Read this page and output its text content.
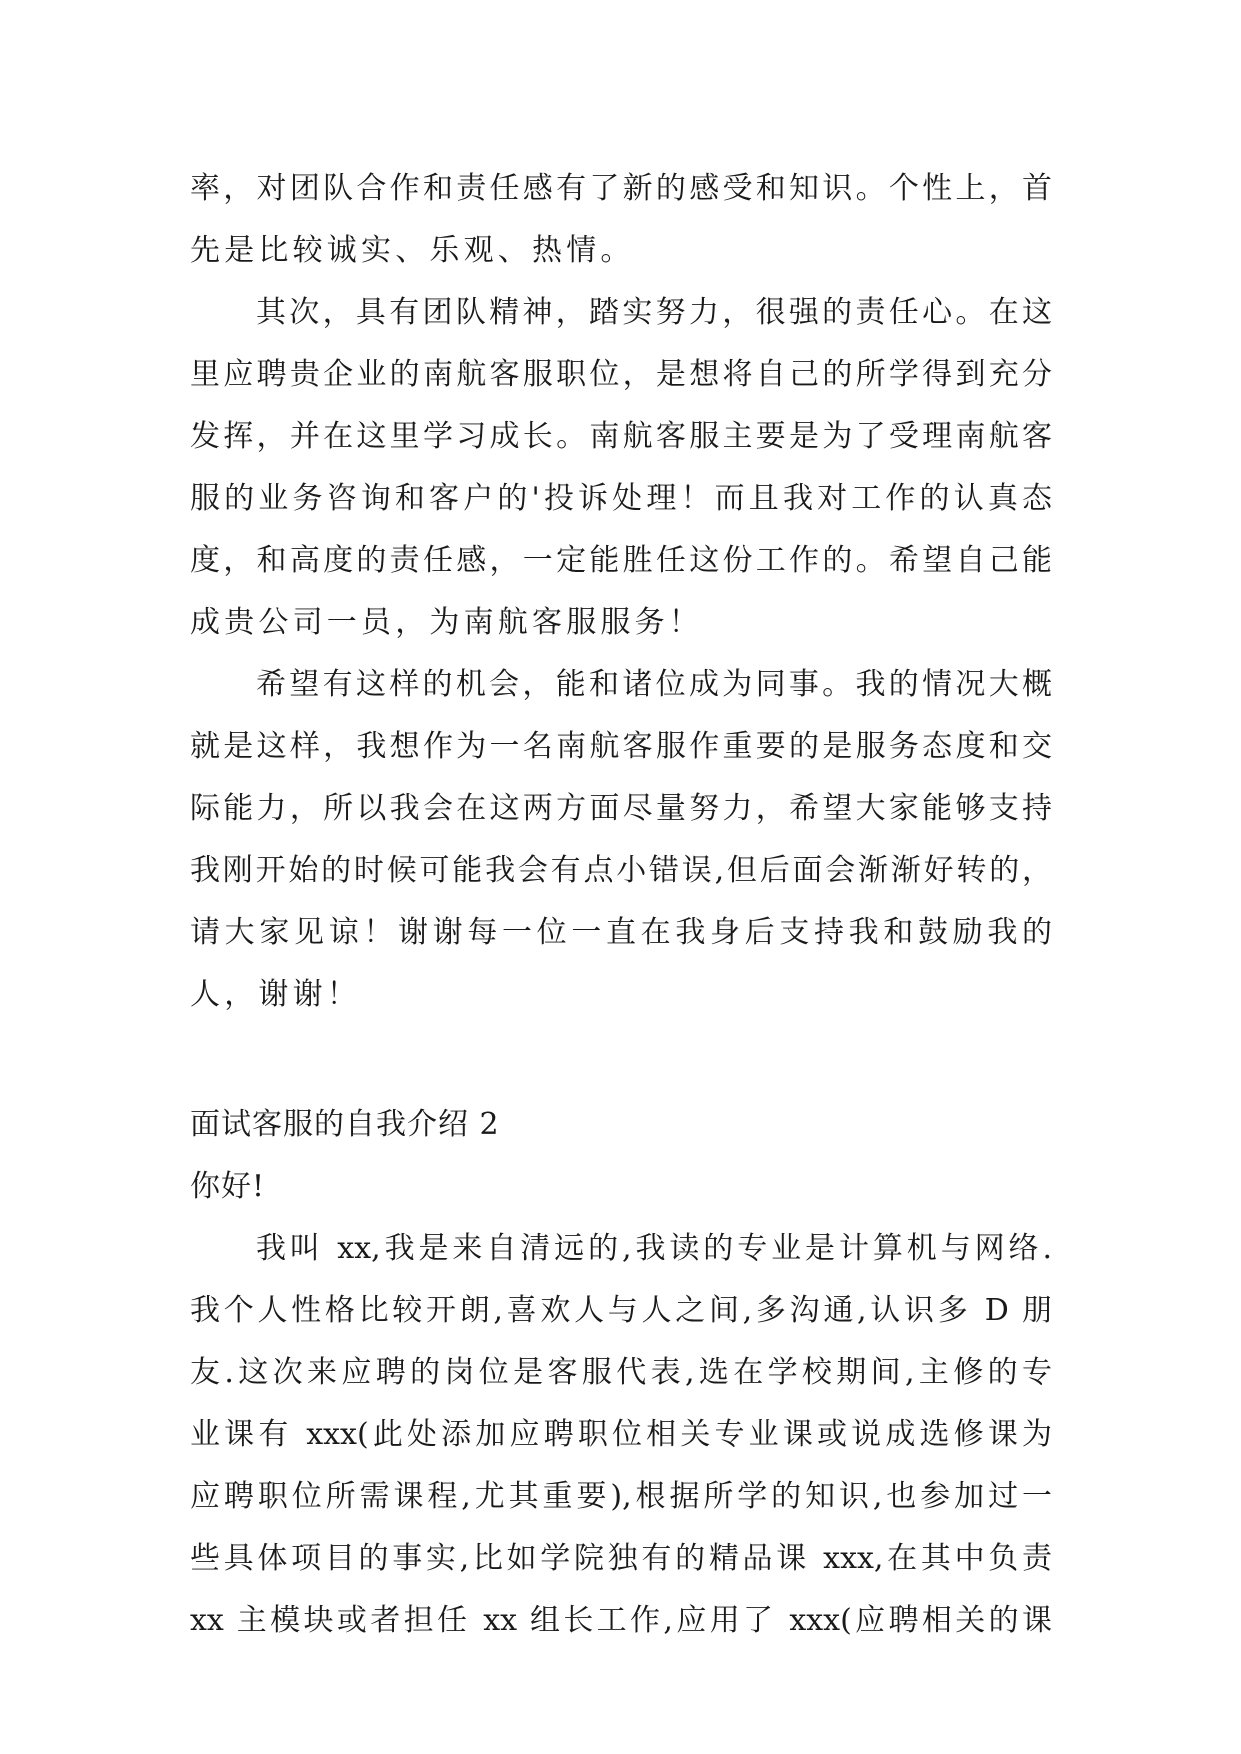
率，对团队合作和责任感有了新的感受和知识。个性上，首
先是比较诚实、乐观、热情。
其次，具有团队精神，踏实努力，很强的责任心。在这
里应聘贵企业的南航客服职位，是想将自己的所学得到充分
发挥，并在这里学习成长。南航客服主要是为了受理南航客
服的业务咨询和客户的'投诉处理！而且我对工作的认真态
度，和高度的责任感，一定能胜任这份工作的。希望自己能
成贵公司一员，为南航客服服务！
希望有这样的机会，能和诸位成为同事。我的情况大概
就是这样，我想作为一名南航客服作重要的是服务态度和交
际能力，所以我会在这两方面尽量努力，希望大家能够支持
我刚开始的时候可能我会有点小错误,但后面会渐渐好转的，
请大家见谅！谢谢每一位一直在我身后支持我和鼓励我的
人，谢谢！
面试客服的自我介绍 2
你好!
我叫 xx,我是来自清远的,我读的专业是计算机与网络.
我个人性格比较开朗,喜欢人与人之间,多沟通,认识多 D 朋
友.这次来应聘的岗位是客服代表,选在学校期间,主修的专
业课有 xxx(此处添加应聘职位相关专业课或说成选修课为
应聘职位所需课程,尤其重要),根据所学的知识,也参加过一
些具体项目的事实,比如学院独有的精品课 xxx,在其中负责
xx 主模块或者担任 xx 组长工作,应用了 xxx(应聘相关的课
